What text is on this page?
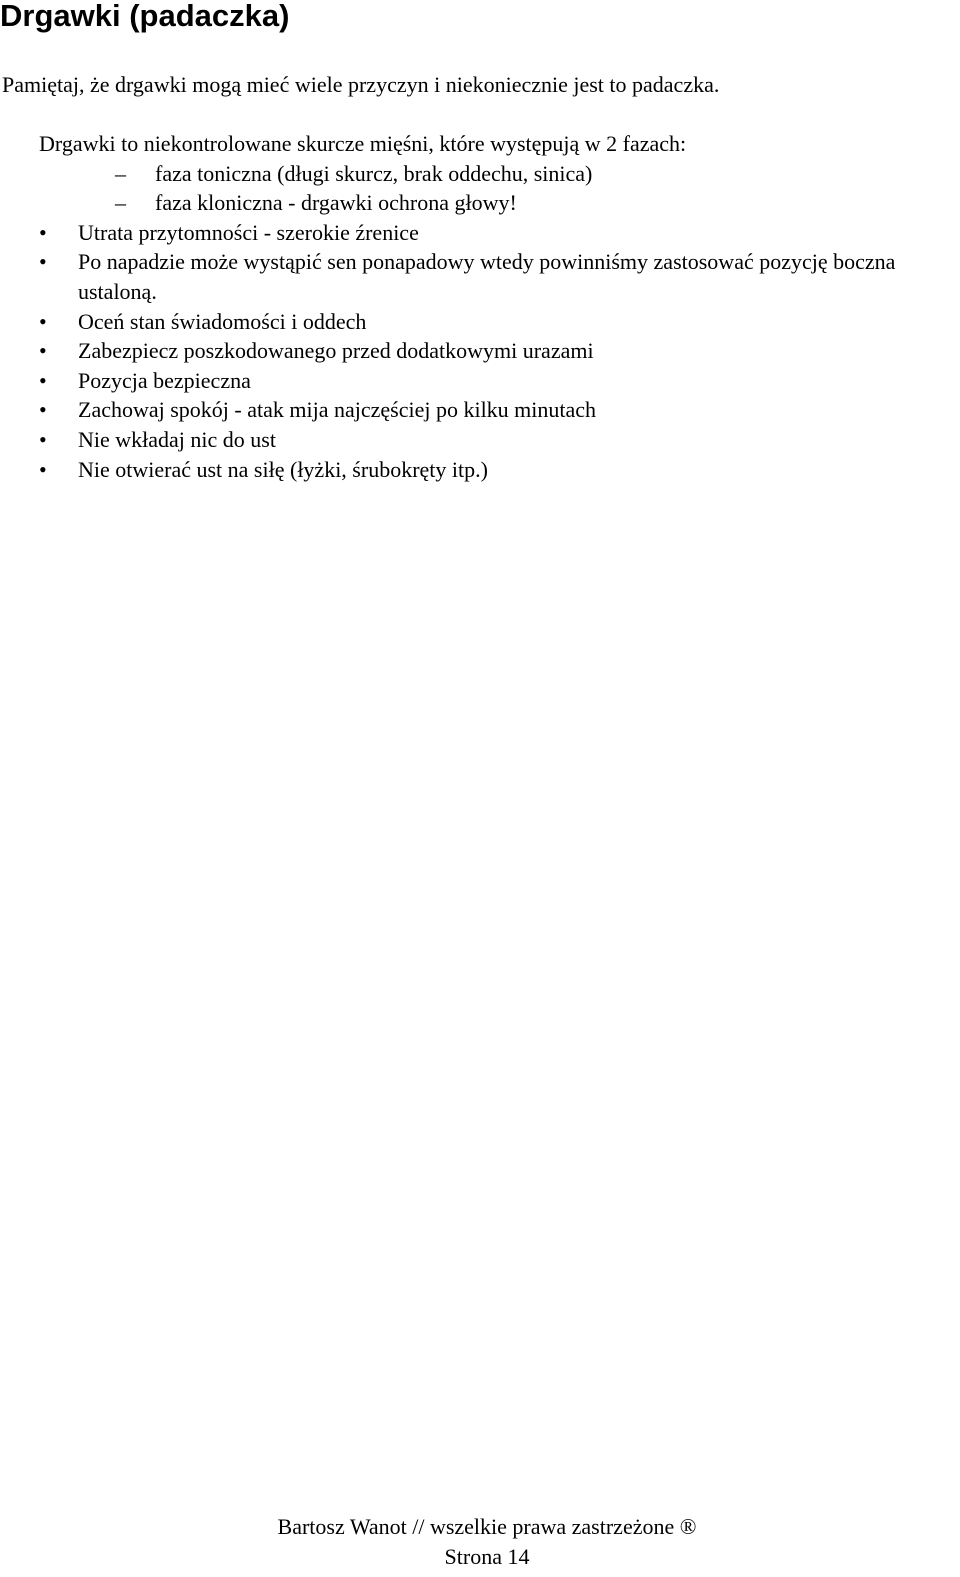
Drgawki (padaczka)

Pamiętaj, że drgawki mogą mieć wiele przyczyn i niekoniecznie jest to padaczka.

Drgawki to niekontrolowane skurcze mięśni, które występują w 2 fazach:

– faza toniczna (długi skurcz, brak oddechu, sinica)
– faza kloniczna - drgawki ochrona głowy!
• Utrata przytomności - szerokie źrenice
• Po napadzie może wystąpić sen ponapadowy wtedy powinniśmy zastosować pozycję boczna ustaloną.
• Oceń stan świadomości i oddech
• Zabezpiecz poszkodowanego przed dodatkowymi urazami
• Pozycja bezpieczna
• Zachowaj spokój - atak mija najczęściej po kilku minutach
• Nie wkładaj nic do ust
• Nie otwierać ust na siłę (łyżki, śrubokręty itp.)
Bartosz Wanot // wszelkie prawa zastrzeżone ®
Strona 14
